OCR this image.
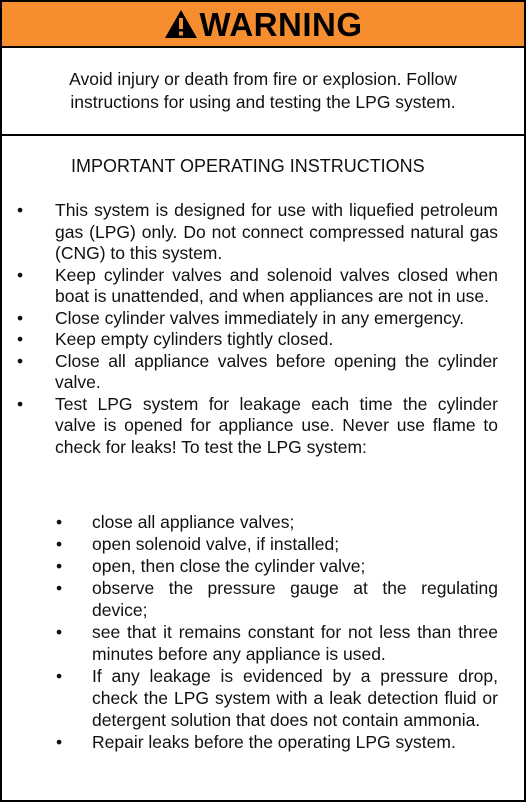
WARNING

Avoid injury or death from fire or explosion. Follow instructions for using and testing the LPG system.

IMPORTANT OPERATING INSTRUCTIONS
• This system is designed for use with liquefied petroleum gas (LPG) only. Do not connect compressed natural gas (CNG) to this system.
• Keep cylinder valves and solenoid valves closed when boat is unattended, and when appliances are not in use.
• Close cylinder valves immediately in any emergency.
• Keep empty cylinders tightly closed.
• Close all appliance valves before opening the cylinder valve.
• Test LPG system for leakage each time the cylinder valve is opened for appliance use. Never use flame to check for leaks! To test the LPG system:
• close all appliance valves;
• open solenoid valve, if installed;
• open, then close the cylinder valve;
• observe the pressure gauge at the regulating device;
• see that it remains constant for not less than three minutes before any appliance is used.
• If any leakage is evidenced by a pressure drop, check the LPG system with a leak detection fluid or detergent solution that does not contain ammonia.
• Repair leaks before the operating LPG system.
